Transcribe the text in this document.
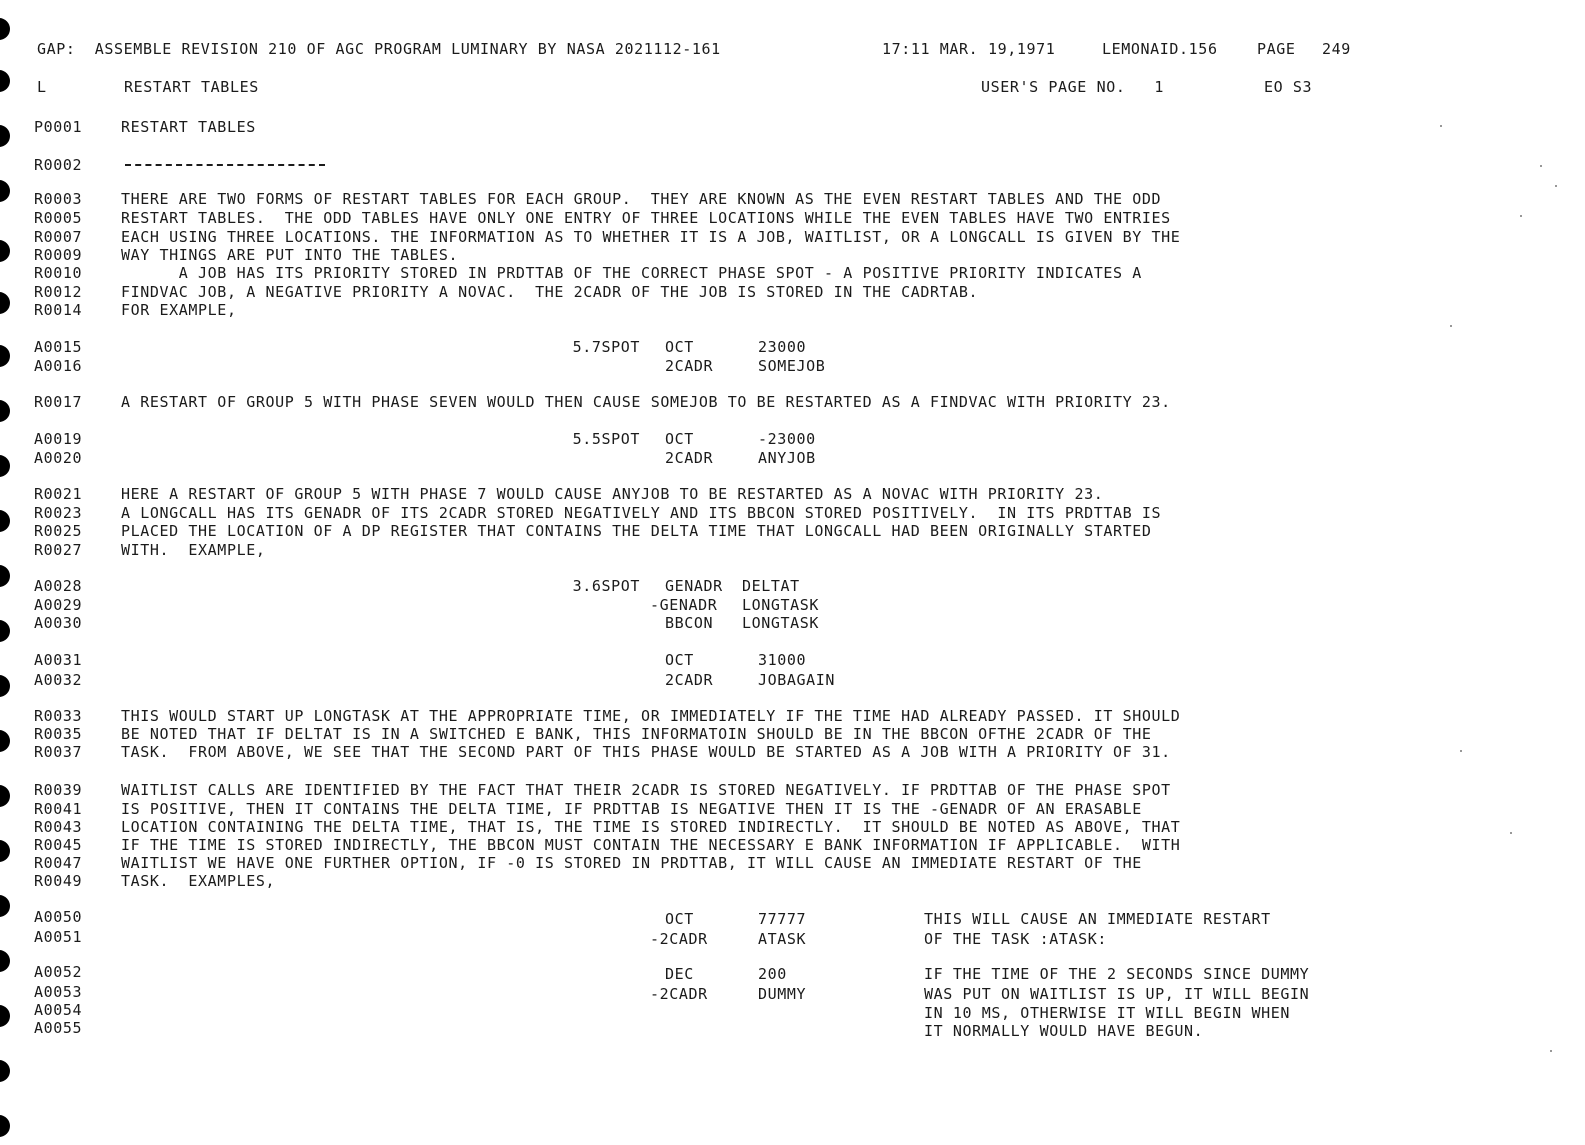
GAP:  ASSEMBLE REVISION 210 OF AGC PROGRAM LUMINARY BY NASA 2021112-161	17:11 MAR. 19,1971	LEMONAID.156	PAGE 249
L	RESTART TABLES	USER'S PAGE NO.   1	EO S3
P0001	RESTART TABLES
R0002
R0003	THERE ARE TWO FORMS OF RESTART TABLES FOR EACH GROUP.  THEY ARE KNOWN AS THE EVEN RESTART TABLES AND THE ODD
R0005	RESTART TABLES.  THE ODD TABLES HAVE ONLY ONE ENTRY OF THREE LOCATIONS WHILE THE EVEN TABLES HAVE TWO ENTRIES
R0007	EACH USING THREE LOCATIONS. THE INFORMATION AS TO WHETHER IT IS A JOB, WAITLIST, OR A LONGCALL IS GIVEN BY THE
R0009	WAY THINGS ARE PUT INTO THE TABLES.
R0010	A JOB HAS ITS PRIORITY STORED IN PRDTTAB OF THE CORRECT PHASE SPOT - A POSITIVE PRIORITY INDICATES A
R0012	FINDVAC JOB, A NEGATIVE PRIORITY A NOVAC.  THE 2CADR OF THE JOB IS STORED IN THE CADRTAB.
R0014	FOR EXAMPLE,
A0015	5.7SPOT OCT	23000
A0016	2CADR	SOMEJOB
R0017	A RESTART OF GROUP 5 WITH PHASE SEVEN WOULD THEN CAUSE SOMEJOB TO BE RESTARTED AS A FINDVAC WITH PRIORITY 23.
A0019	5.5SPOT OCT	-23000
A0020	2CADR	ANYJOB
R0021	HERE A RESTART OF GROUP 5 WITH PHASE 7 WOULD CAUSE ANYJOB TO BE RESTARTED AS A NOVAC WITH PRIORITY 23.
R0023	A LONGCALL HAS ITS GENADR OF ITS 2CADR STORED NEGATIVELY AND ITS BBCON STORED POSITIVELY.  IN ITS PRDTTAB IS
R0025	PLACED THE LOCATION OF A DP REGISTER THAT CONTAINS THE DELTA TIME THAT LONGCALL HAD BEEN ORIGINALLY STARTED
R0027	WITH.  EXAMPLE,
A0028	3.6SPOT GENADR DELTAT
A0029	-GENADR LONGTASK
A0030	BBCON LONGTASK
A0031	OCT	31000
A0032	2CADR	JOBAGAIN
R0033	THIS WOULD START UP LONGTASK AT THE APPROPRIATE TIME, OR IMMEDIATELY IF THE TIME HAD ALREADY PASSED. IT SHOULD
R0035	BE NOTED THAT IF DELTAT IS IN A SWITCHED E BANK, THIS INFORMATOIN SHOULD BE IN THE BBCON OFTHE 2CADR OF THE
R0037	TASK.  FROM ABOVE, WE SEE THAT THE SECOND PART OF THIS PHASE WOULD BE STARTED AS A JOB WITH A PRIORITY OF 31.
R0039	WAITLIST CALLS ARE IDENTIFIED BY THE FACT THAT THEIR 2CADR IS STORED NEGATIVELY. IF PRDTTAB OF THE PHASE SPOT
R0041	IS POSITIVE, THEN IT CONTAINS THE DELTA TIME, IF PRDTTAB IS NEGATIVE THEN IT IS THE -GENADR OF AN ERASABLE
R0043	LOCATION CONTAINING THE DELTA TIME, THAT IS, THE TIME IS STORED INDIRECTLY.  IT SHOULD BE NOTED AS ABOVE, THAT
R0045	IF THE TIME IS STORED INDIRECTLY, THE BBCON MUST CONTAIN THE NECESSARY E BANK INFORMATION IF APPLICABLE.  WITH
R0047	WAITLIST WE HAVE ONE FURTHER OPTION, IF -0 IS STORED IN PRDTTAB, IT WILL CAUSE AN IMMEDIATE RESTART OF THE
R0049	TASK.  EXAMPLES,
A0050	OCT	77777	THIS WILL CAUSE AN IMMEDIATE RESTART
A0051	-2CADR	ATASK	OF THE TASK :ATASK:
A0052	DEC	200	IF THE TIME OF THE 2 SECONDS SINCE DUMMY
A0053	-2CADR	DUMMY	WAS PUT ON WAITLIST IS UP, IT WILL BEGIN
A0054	IN 10 MS, OTHERWISE IT WILL BEGIN WHEN
A0055	IT NORMALLY WOULD HAVE BEGUN.
